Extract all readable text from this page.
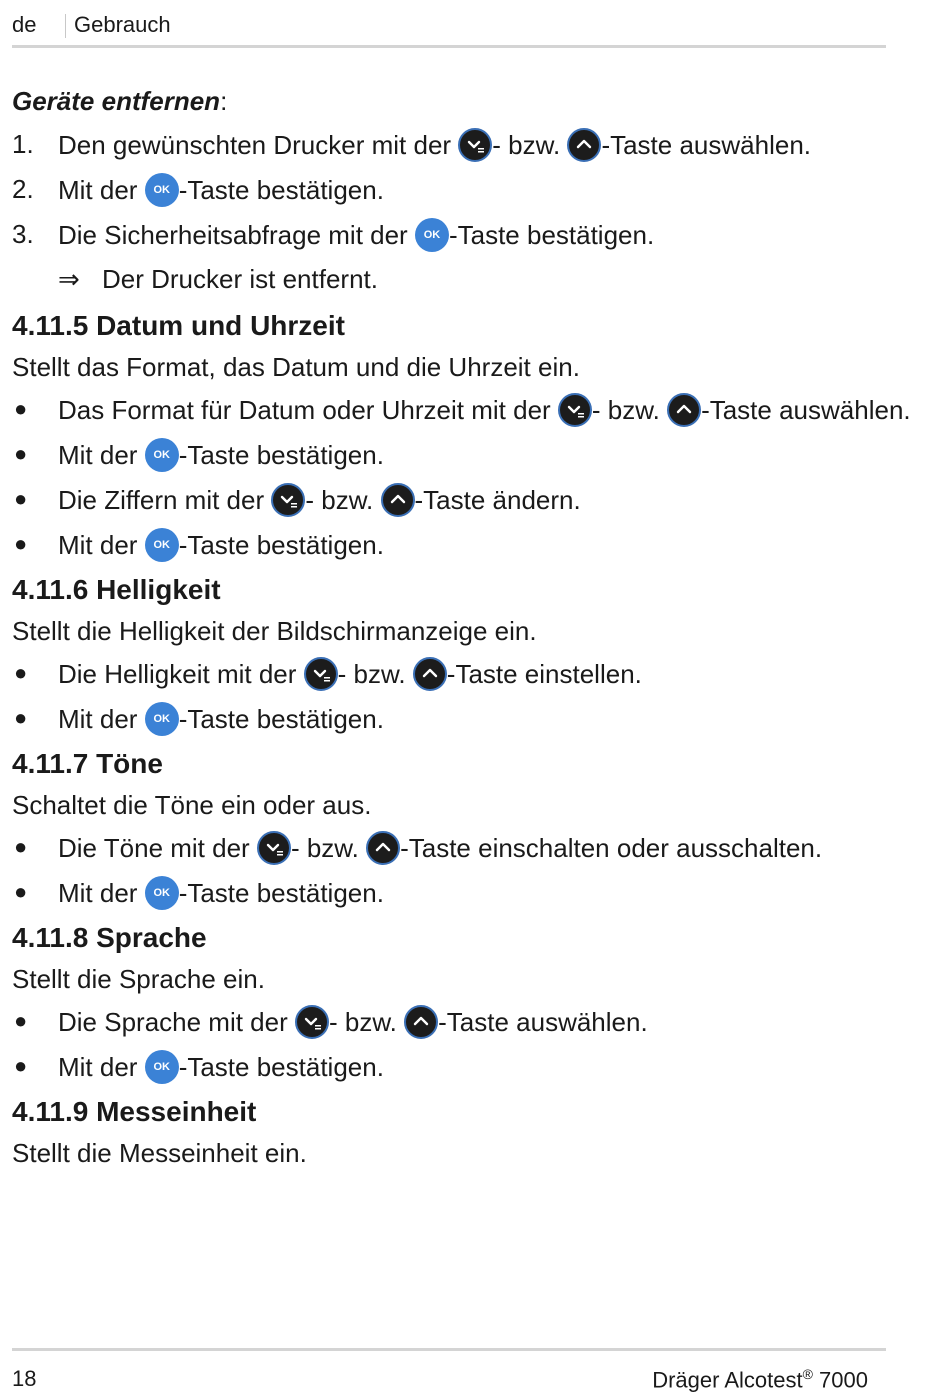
de Gebrauch
Geräte entfernen:
1. Den gewünschten Drucker mit der
- bzw.
-Taste auswählen.
2. Mit der OK -Taste bestätigen.
3. Die Sicherheitsabfrage mit der OK -Taste bestätigen.
⇒ Der Drucker ist entfernt.
4.11.5 Datum und Uhrzeit

Stellt das Format, das Datum und die Uhrzeit ein.

● Das Format für Datum oder Uhrzeit mit der
- bzw.
-Taste auswählen.
● Mit der OK -Taste bestätigen.
● Die Ziffern mit der
- bzw.
-Taste ändern.
● Mit der OK -Taste bestätigen.
4.11.6 Helligkeit

Stellt die Helligkeit der Bildschirmanzeige ein.

● Die Helligkeit mit der
- bzw.
-Taste einstellen.
● Mit der OK -Taste bestätigen.
4.11.7 Töne

Schaltet die Töne ein oder aus.

● Die Töne mit der
- bzw.
-Taste einschalten oder ausschalten.
● Mit der OK -Taste bestätigen.
4.11.8 Sprache

Stellt die Sprache ein.

● Die Sprache mit der
- bzw.
-Taste auswählen.
● Mit der OK -Taste bestätigen.
4.11.9 Messeinheit

Stellt die Messeinheit ein.

18	Dräger Alcotest® 7000
